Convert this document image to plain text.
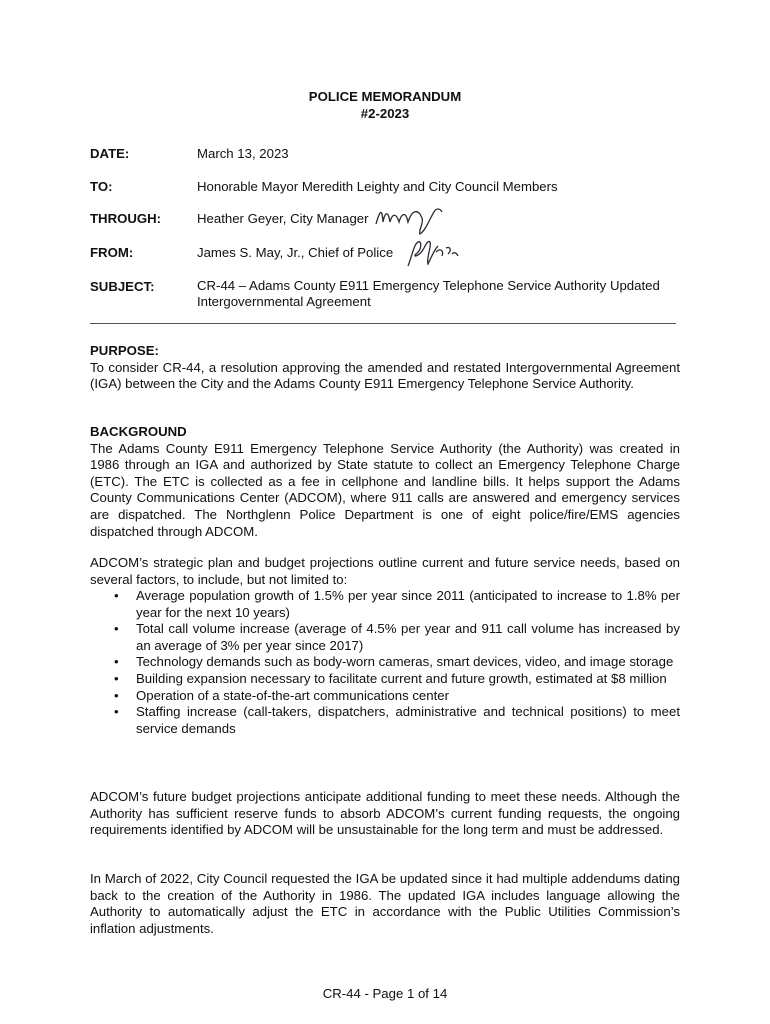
POLICE MEMORANDUM
#2-2023
DATE:	March 13, 2023
TO:	Honorable Mayor Meredith Leighty and City Council Members
THROUGH:	Heather Geyer, City Manager
FROM:	James S. May, Jr., Chief of Police
SUBJECT:	CR-44 – Adams County E911 Emergency Telephone Service Authority Updated Intergovernmental Agreement
PURPOSE:
To consider CR-44, a resolution approving the amended and restated Intergovernmental Agreement (IGA) between the City and the Adams County E911 Emergency Telephone Service Authority.
BACKGROUND
The Adams County E911 Emergency Telephone Service Authority (the Authority) was created in 1986 through an IGA and authorized by State statute to collect an Emergency Telephone Charge (ETC). The ETC is collected as a fee in cellphone and landline bills. It helps support the Adams County Communications Center (ADCOM), where 911 calls are answered and emergency services are dispatched. The Northglenn Police Department is one of eight police/fire/EMS agencies dispatched through ADCOM.
ADCOM’s strategic plan and budget projections outline current and future service needs, based on several factors, to include, but not limited to:
• Average population growth of 1.5% per year since 2011 (anticipated to increase to 1.8% per year for the next 10 years)
• Total call volume increase (average of 4.5% per year and 911 call volume has increased by an average of 3% per year since 2017)
• Technology demands such as body-worn cameras, smart devices, video, and image storage
• Building expansion necessary to facilitate current and future growth, estimated at $8 million
• Operation of a state-of-the-art communications center
• Staffing increase (call-takers, dispatchers, administrative and technical positions) to meet service demands
ADCOM’s future budget projections anticipate additional funding to meet these needs. Although the Authority has sufficient reserve funds to absorb ADCOM’s current funding requests, the ongoing requirements identified by ADCOM will be unsustainable for the long term and must be addressed.
In March of 2022, City Council requested the IGA be updated since it had multiple addendums dating back to the creation of the Authority in 1986. The updated IGA includes language allowing the Authority to automatically adjust the ETC in accordance with the Public Utilities Commission’s inflation adjustments.
CR-44 - Page 1 of 14
